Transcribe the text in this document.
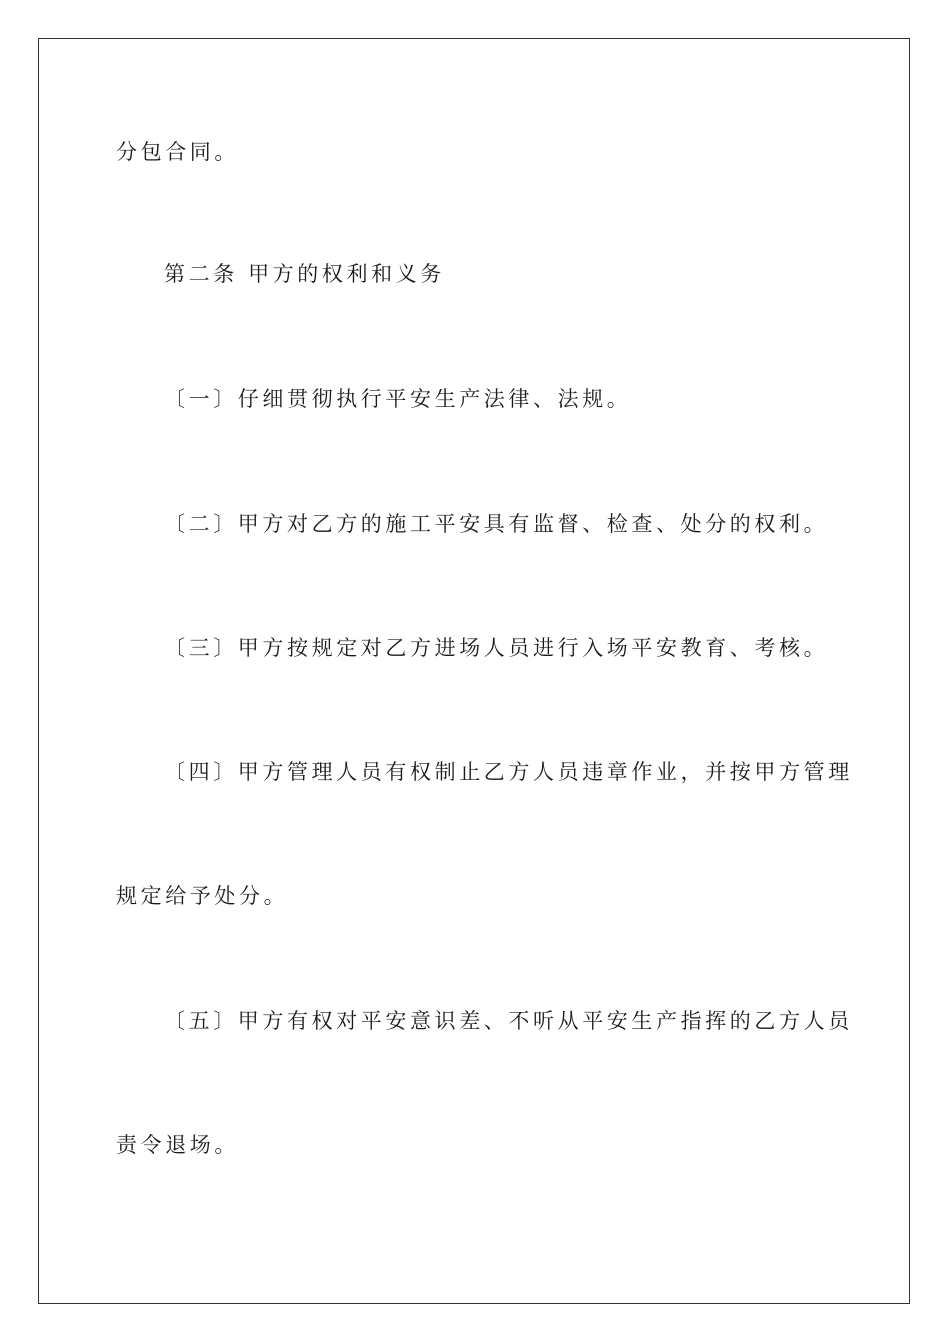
分包合同。
第二条 甲方的权利和义务
〔一〕仔细贯彻执行平安生产法律、法规。
〔二〕甲方对乙方的施工平安具有监督、检查、处分的权利。
〔三〕甲方按规定对乙方进场人员进行入场平安教育、考核。
〔四〕甲方管理人员有权制止乙方人员违章作业，并按甲方管理
规定给予处分。
〔五〕甲方有权对平安意识差、不听从平安生产指挥的乙方人员
责令退场。
